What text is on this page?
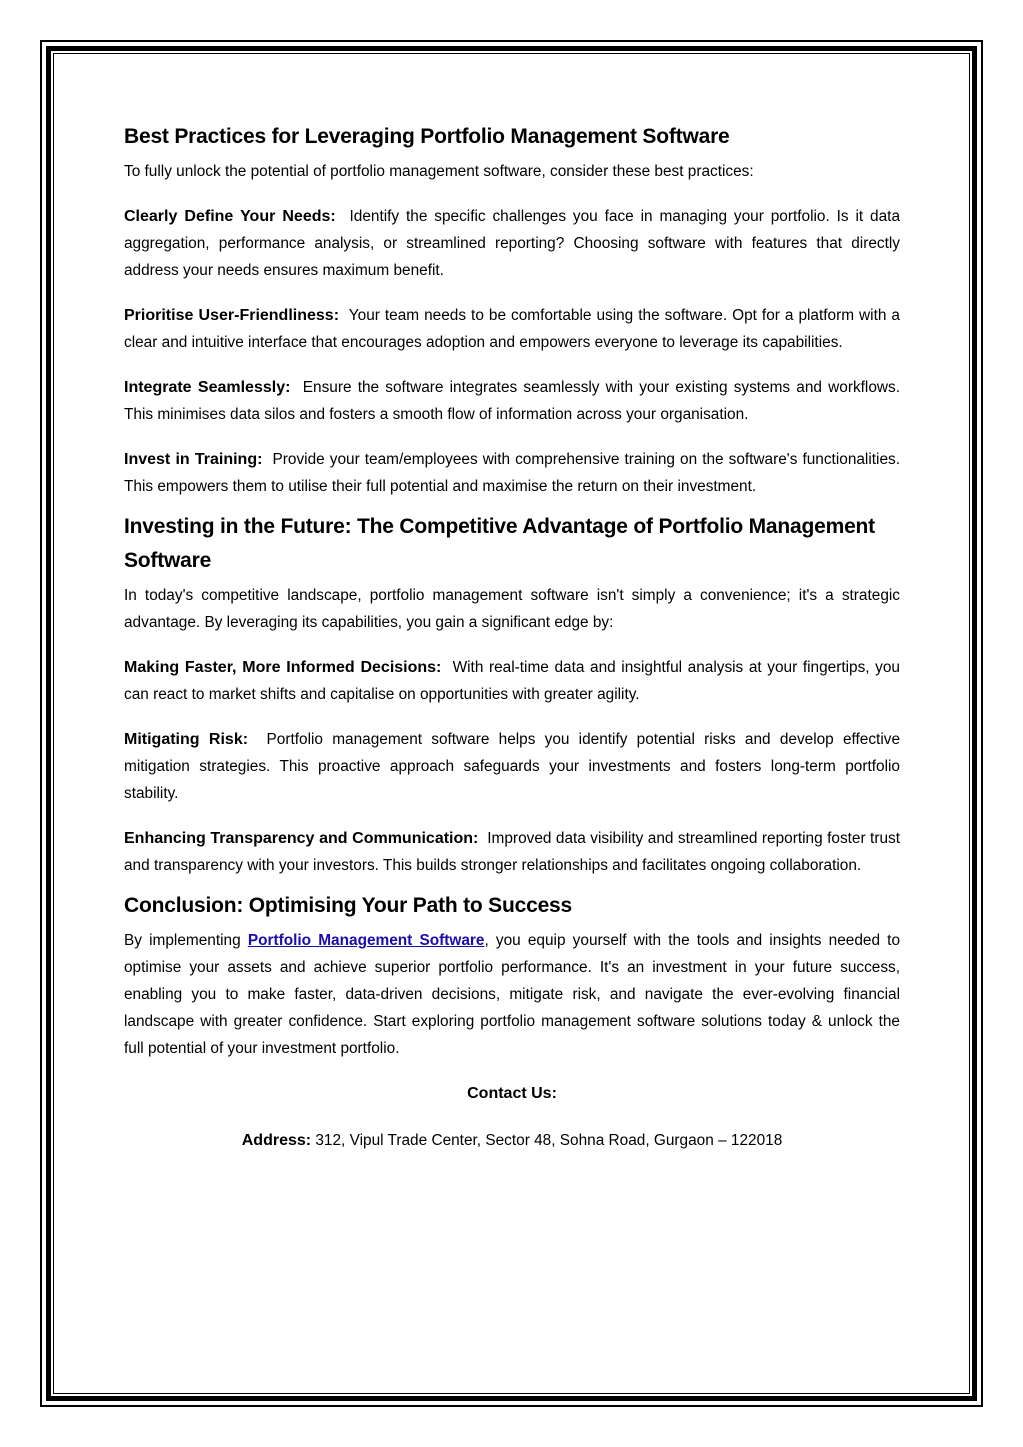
Best Practices for Leveraging Portfolio Management Software

To fully unlock the potential of portfolio management software, consider these best practices:

Clearly Define Your Needs: Identify the specific challenges you face in managing your portfolio. Is it data aggregation, performance analysis, or streamlined reporting? Choosing software with features that directly address your needs ensures maximum benefit.

Prioritise User-Friendliness: Your team needs to be comfortable using the software. Opt for a platform with a clear and intuitive interface that encourages adoption and empowers everyone to leverage its capabilities.

Integrate Seamlessly: Ensure the software integrates seamlessly with your existing systems and workflows. This minimises data silos and fosters a smooth flow of information across your organisation.

Invest in Training: Provide your team/employees with comprehensive training on the software's functionalities. This empowers them to utilise their full potential and maximise the return on their investment.

Investing in the Future: The Competitive Advantage of Portfolio Management Software

In today's competitive landscape, portfolio management software isn't simply a convenience; it's a strategic advantage. By leveraging its capabilities, you gain a significant edge by:

Making Faster, More Informed Decisions: With real-time data and insightful analysis at your fingertips, you can react to market shifts and capitalise on opportunities with greater agility.

Mitigating Risk: Portfolio management software helps you identify potential risks and develop effective mitigation strategies. This proactive approach safeguards your investments and fosters long-term portfolio stability.

Enhancing Transparency and Communication: Improved data visibility and streamlined reporting foster trust and transparency with your investors. This builds stronger relationships and facilitates ongoing collaboration.

Conclusion: Optimising Your Path to Success

By implementing Portfolio Management Software, you equip yourself with the tools and insights needed to optimise your assets and achieve superior portfolio performance. It's an investment in your future success, enabling you to make faster, data-driven decisions, mitigate risk, and navigate the ever-evolving financial landscape with greater confidence. Start exploring portfolio management software solutions today & unlock the full potential of your investment portfolio.

Contact Us:

Address: 312, Vipul Trade Center, Sector 48, Sohna Road, Gurgaon – 122018
